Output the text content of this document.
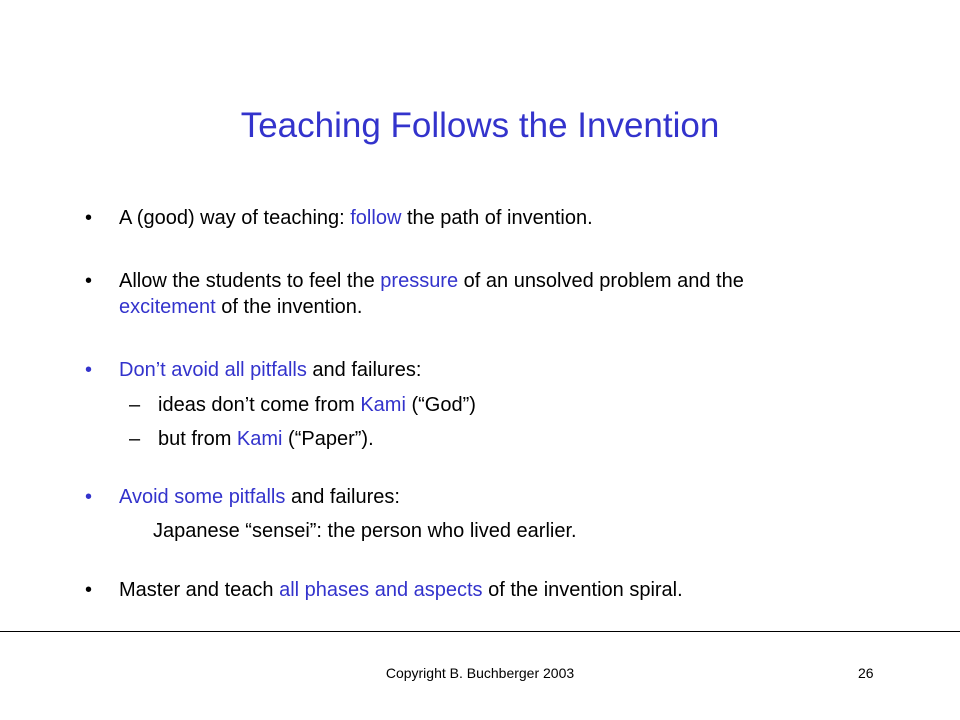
Teaching Follows the Invention
• A (good) way of teaching: follow the path of invention.
• Allow the students to feel the pressure of an unsolved problem and the
excitement of the invention.
• Don’t avoid all pitfalls and failures:
– ideas don’t come from Kami (“God”)
– but from Kami (“Paper”).
• Avoid some pitfalls and failures:
Japanese “sensei”: the person who lived earlier.
• Master and teach all phases and aspects of the invention spiral.
Copyright B. Buchberger 2003	26
